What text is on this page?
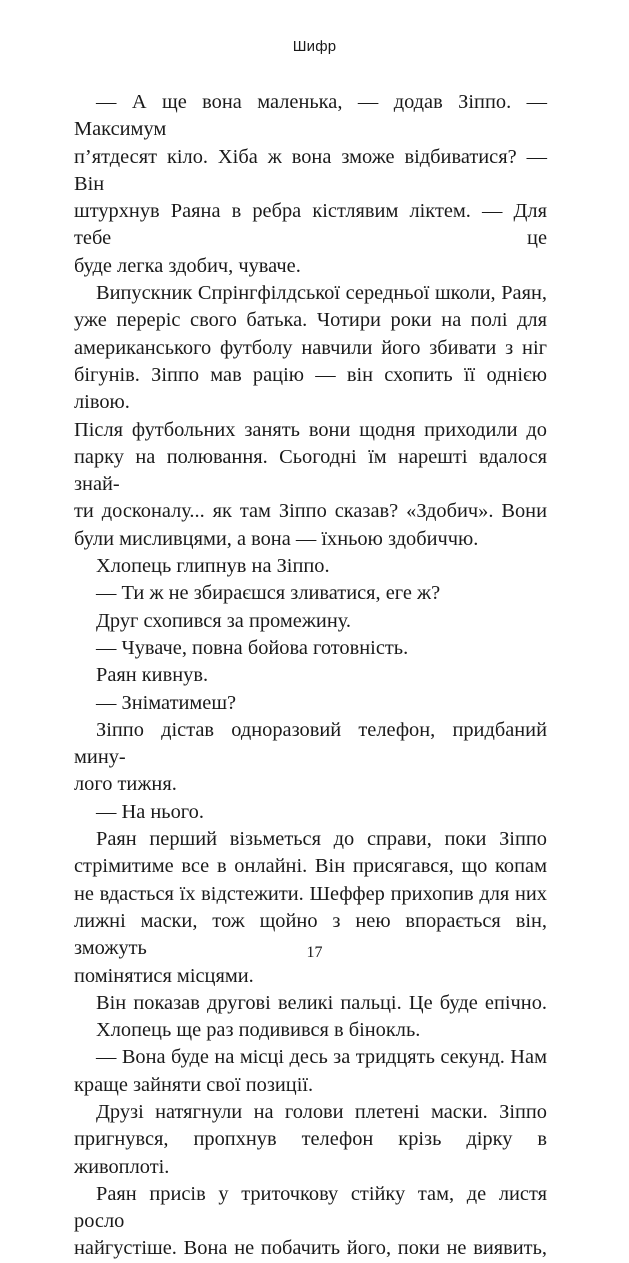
Шифр

— А ще вона маленька, — додав Зіппо. — Максимум

п’ятдесят кіло. Хіба ж вона зможе відбиватися? — Він

штурхнув Раяна в ребра кістлявим ліктем. — Для тебе це

буде легка здобич, чуваче.

Випускник Спрінгфілдської середньої школи, Раян,

уже переріс свого батька. Чотири роки на полі для

американського футболу навчили його збивати з ніг

бігунів. Зіппо мав рацію — він схопить її однією лівою.

Після футбольних занять вони щодня приходили до

парку на полювання. Сьогодні їм нарешті вдалося знай-

ти досконалу... як там Зіппо сказав? «Здобич». Вони

були мисливцями, а вона — їхньою здобиччю.

Хлопець глипнув на Зіппо.

— Ти ж не збираєшся зливатися, еге ж?

Друг схопився за промежину.

— Чуваче, повна бойова готовність.

Раян кивнув.

— Зніматимеш?

Зіппо дістав одноразовий телефон, придбаний мину-

лого тижня.

— На нього.

Раян перший візьметься до справи, поки Зіппо

стрімитиме все в онлайні. Він присягався, що копам

не вдасться їх відстежити. Шеффер прихопив для них

лижні маски, тож щойно з нею впорається він, зможуть

помінятися місцями.

Він показав другові великі пальці. Це буде епічно.

Хлопець ще раз подивився в бінокль.

— Вона буде на місці десь за тридцять секунд. Нам

краще зайняти свої позиції.

Друзі натягнули на голови плетені маски. Зіппо

пригнувся, пропхнув телефон крізь дірку в живоплоті.

Раян присів у триточкову стійку там, де листя росло

найгустіше. Вона не побачить його, поки не виявить,

17
